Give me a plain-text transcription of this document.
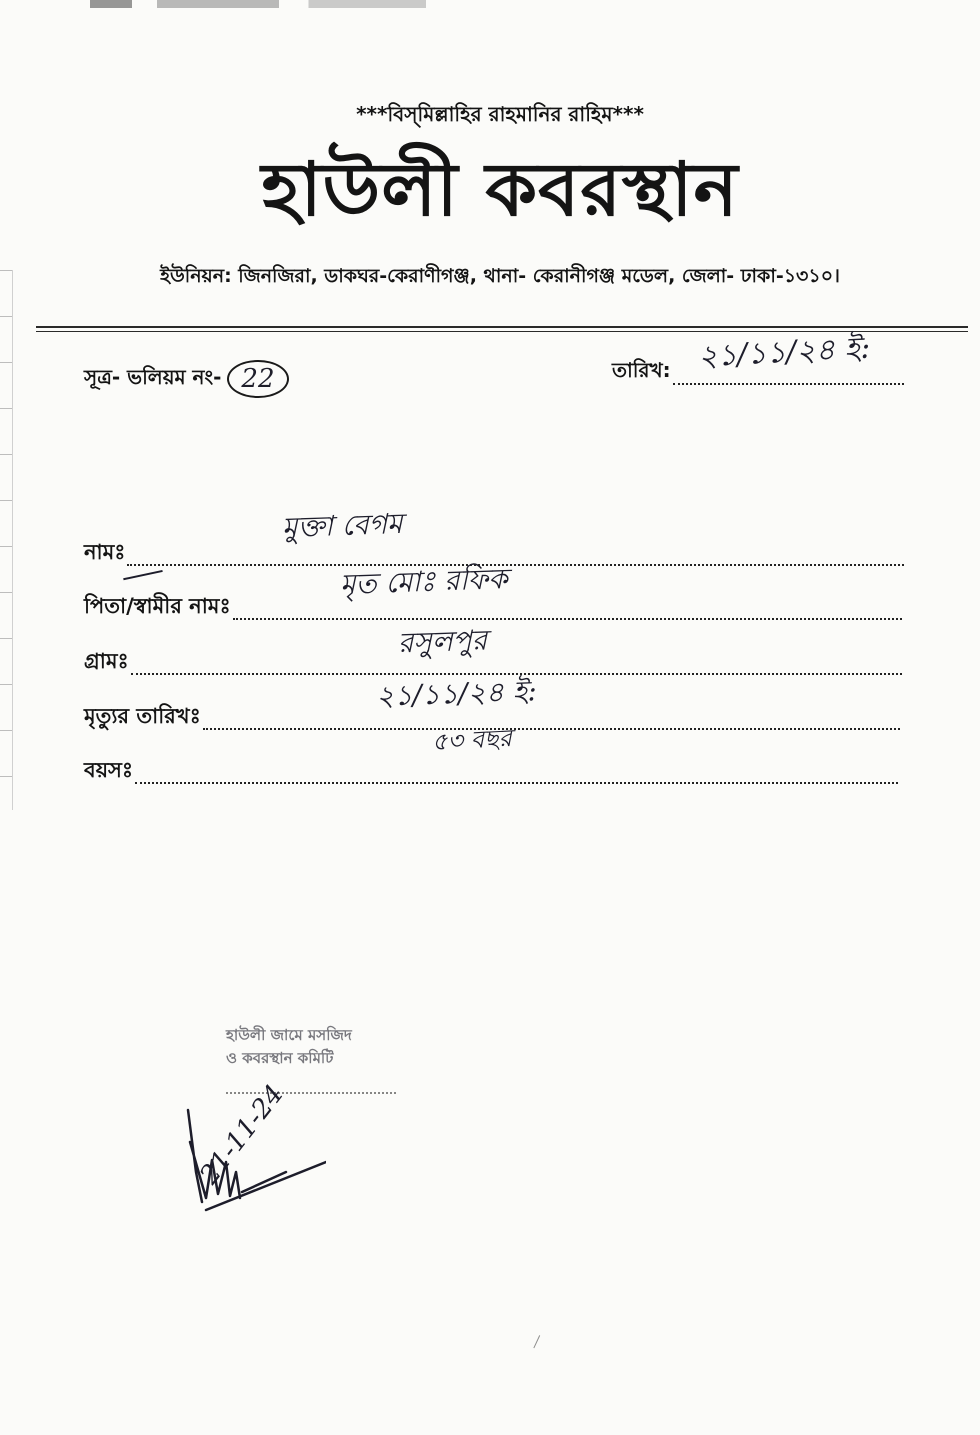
***বিস্‌মিল্লাহির রাহমানির রাহিম***
হাউলী কবরস্থান
ইউনিয়ন: জিনজিরা, ডাকঘর-কেরাণীগঞ্জ, থানা- কেরানীগঞ্জ মডেল, জেলা- ঢাকা-১৩১০।
সূত্র- ভলিয়ম নং- 22	তারিখ: ২১/১১/২৪ ই:
নামঃ
মুক্তা বেগম
পিতা/স্বামীর নামঃ
মৃত মোঃ রফিক
গ্রামঃ
রসুলপুর
মৃত্যুর তারিখঃ
২১/১১/২৪ ই:
বয়সঃ
৫৩ বছর
হাউলী জামে মসজিদ
ও কবরস্থান কমিটি
21-11-24
